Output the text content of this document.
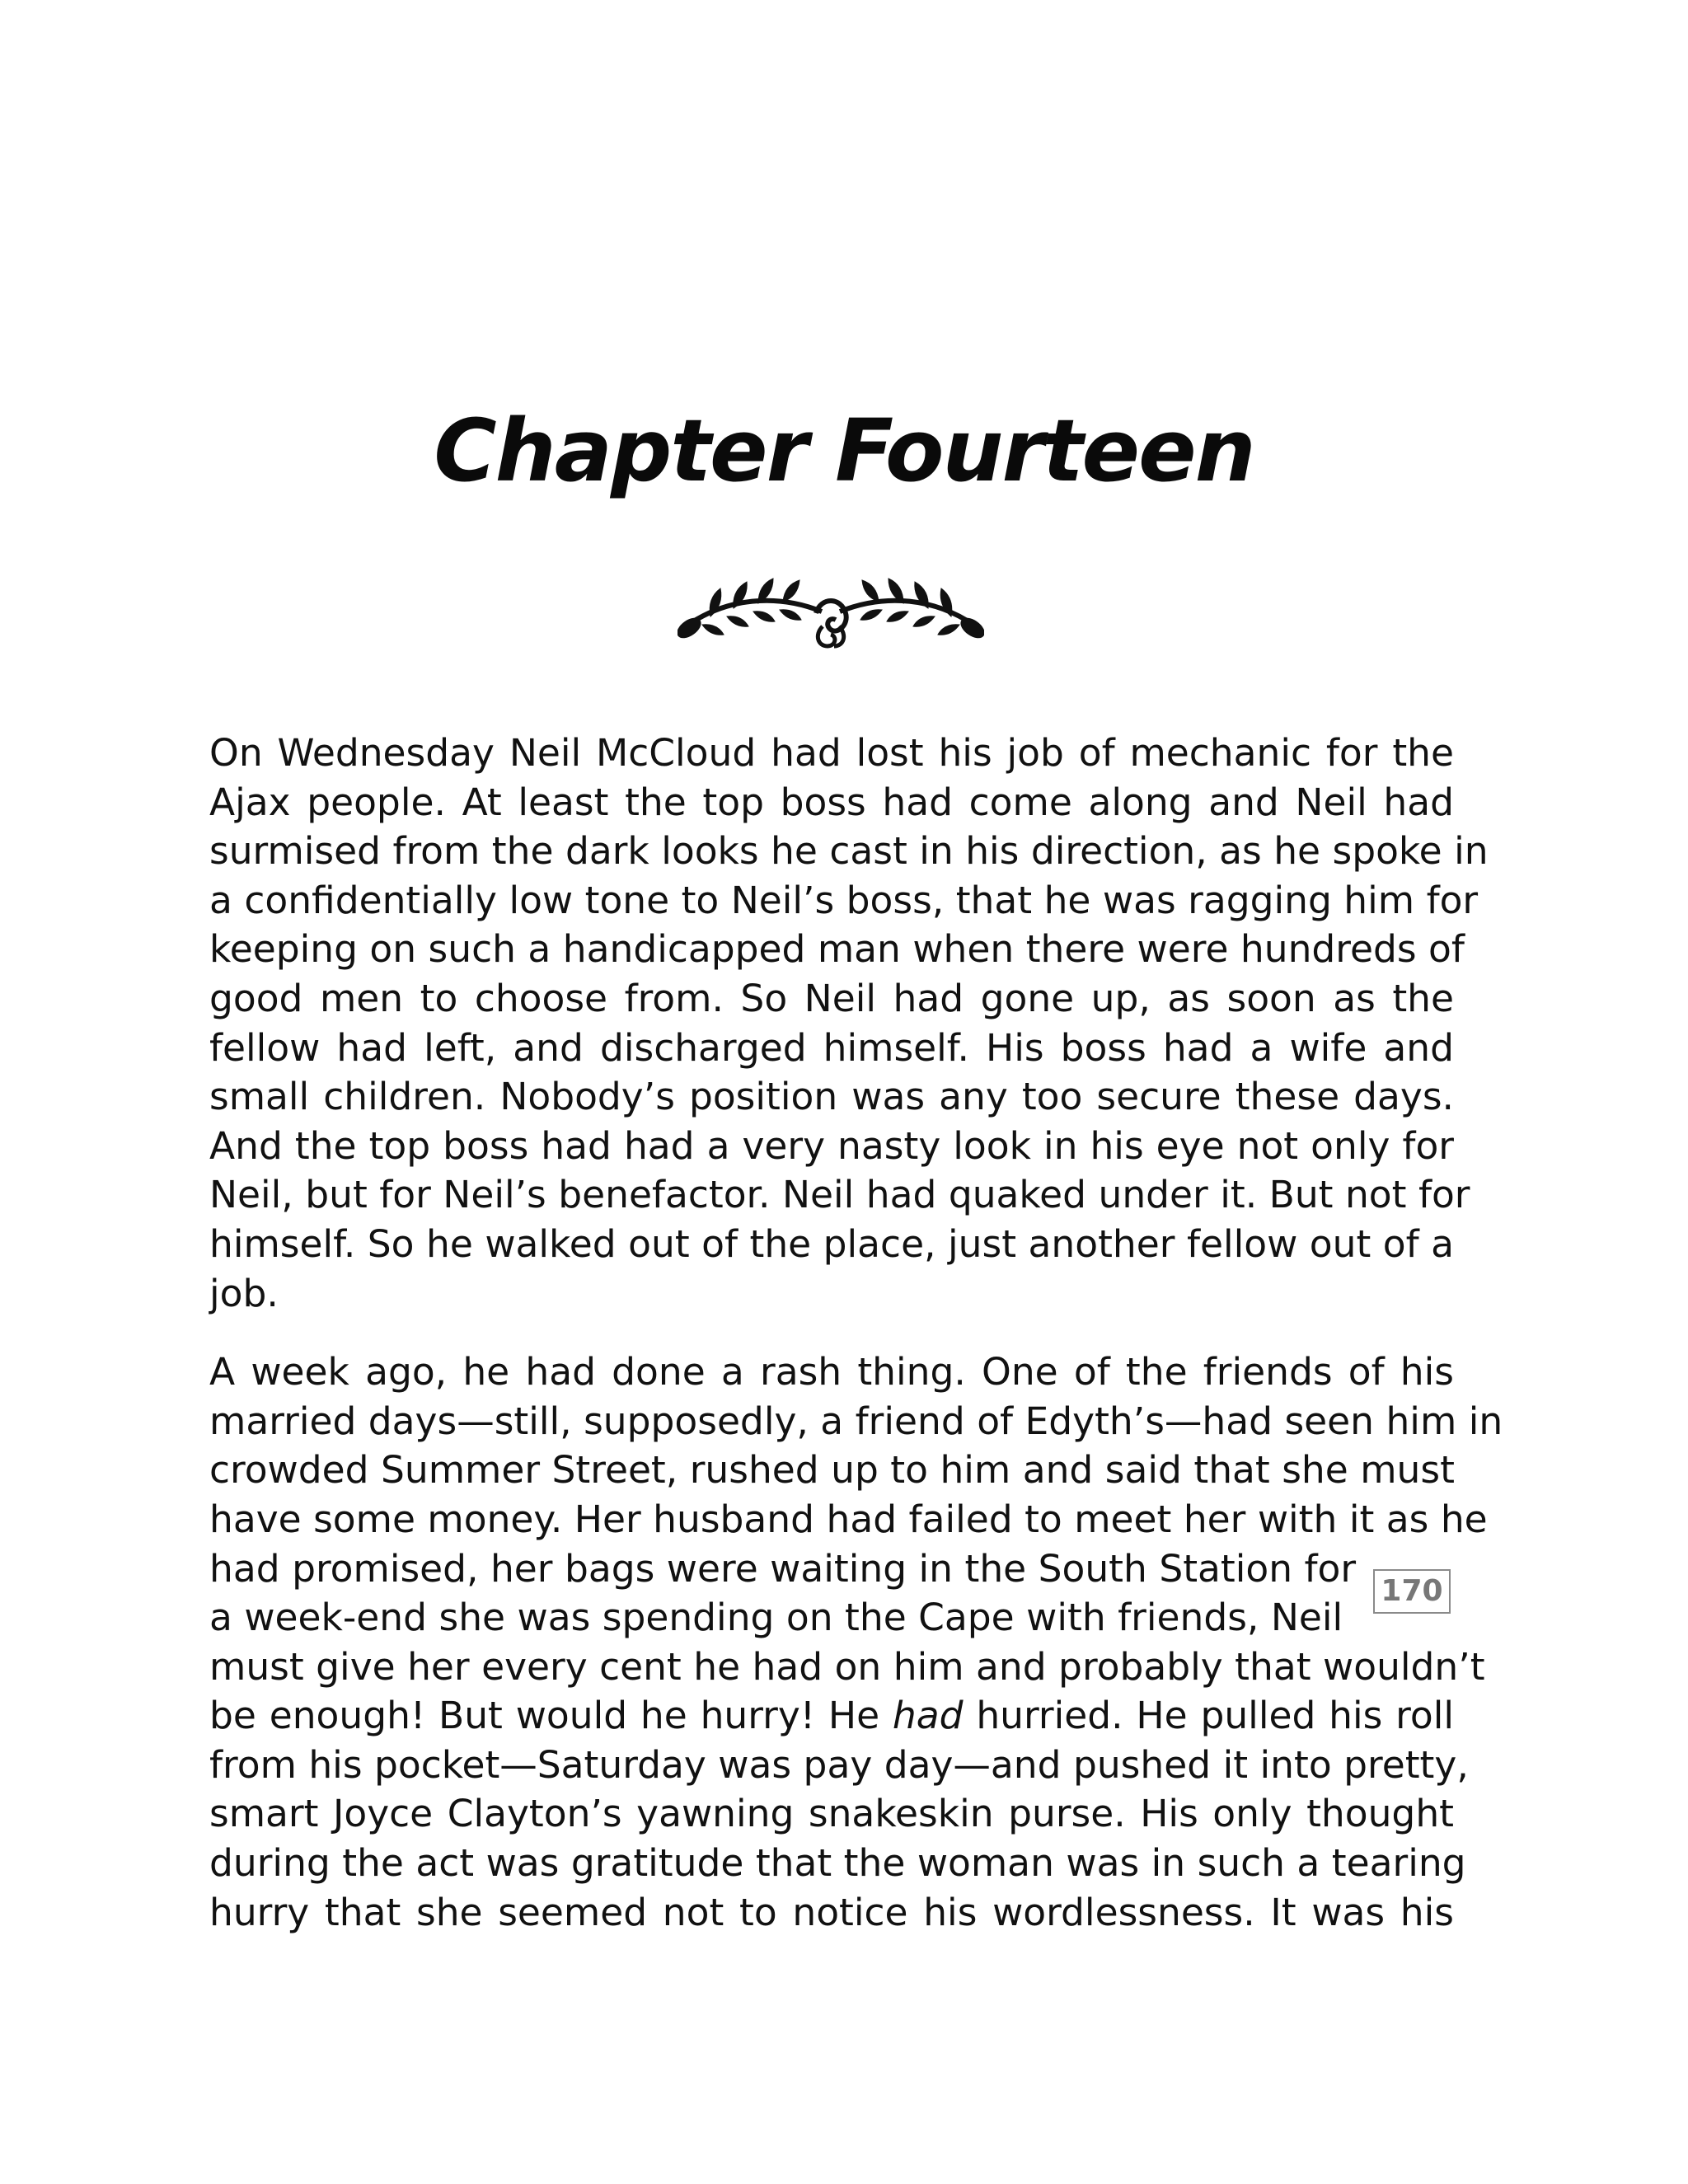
Chapter Fourteen

On Wednesday Neil McCloud had lost his job of mechanic for the
Ajax people. At least the top boss had come along and Neil had
surmised from the dark looks he cast in his direction, as he spoke in
a confidentially low tone to Neil’s boss, that he was ragging him for
keeping on such a handicapped man when there were hundreds of
good men to choose from. So Neil had gone up, as soon as the
fellow had left, and discharged himself. His boss had a wife and
small children. Nobody’s position was any too secure these days.
And the top boss had had a very nasty look in his eye not only for
Neil, but for Neil’s benefactor. Neil had quaked under it. But not for
himself. So he walked out of the place, just another fellow out of a
job.

A week ago, he had done a rash thing. One of the friends of his
married days—still, supposedly, a friend of Edyth’s—had seen him in
crowded Summer Street, rushed up to him and said that she must
have some money. Her husband had failed to meet her with it as he
had promised, her bags were waiting in the South Station for
a week-end she was spending on the Cape with friends, Neil
must give her every cent he had on him and probably that wouldn’t
be enough! But would he hurry! He had hurried. He pulled his roll
from his pocket—Saturday was pay day—and pushed it into pretty,
smart Joyce Clayton’s yawning snakeskin purse. His only thought
during the act was gratitude that the woman was in such a tearing
hurry that she seemed not to notice his wordlessness. It was his

170
